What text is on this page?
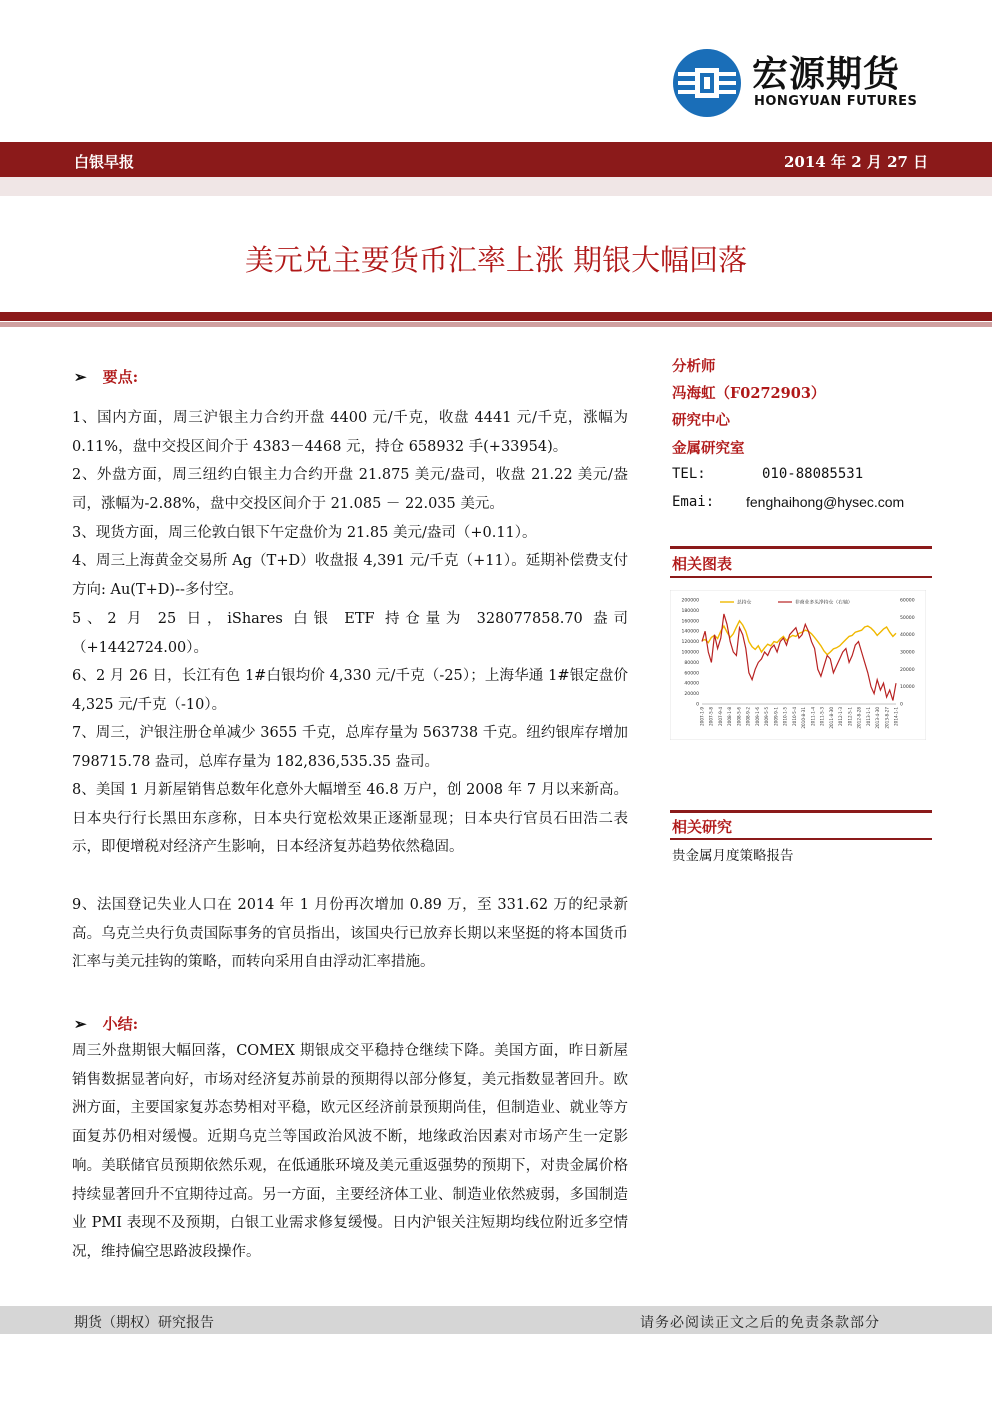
宏源期货
HONGYUAN FUTURES
白银早报	2014 年 2 月 27 日
美元兑主要货币汇率上涨 期银大幅回落
➢ 要点:
1、国内方面，周三沪银主力合约开盘 4400 元/千克，收盘 4441 元/千克，涨幅为 0.11%，盘中交投区间介于 4383－4468 元，持仓 658932 手(+33954)。
2、外盘方面，周三纽约白银主力合约开盘 21.875 美元/盎司，收盘 21.22 美元/盎司，涨幅为-2.88%，盘中交投区间介于 21.085 － 22.035 美元。
3、现货方面，周三伦敦白银下午定盘价为 21.85 美元/盎司（+0.11）。
4、周三上海黄金交易所 Ag（T+D）收盘报 4,391 元/千克（+11）。延期补偿费支付方向: Au(T+D)--多付空。
5、2 月 25 日，iShares 白银 ETF 持仓量为 328077858.70 盎司（+1442724.00）。
6、2 月 26 日，长江有色 1#白银均价 4,330 元/千克（-25）；上海华通 1#银定盘价 4,325 元/千克（-10）。
7、周三，沪银注册仓单减少 3655 千克，总库存量为 563738 千克。纽约银库存增加 798715.78 盎司，总库存量为 182,836,535.35 盎司。
8、美国 1 月新屋销售总数年化意外大幅增至 46.8 万户，创 2008 年 7 月以来新高。日本央行行长黑田东彦称，日本央行宽松效果正逐渐显现；日本央行官员石田浩二表示，即便增税对经济产生影响，日本经济复苏趋势依然稳固。
9、法国登记失业人口在 2014 年 1 月份再次增加 0.89 万，至 331.62 万的纪录新高。乌克兰央行负责国际事务的官员指出，该国央行已放弃长期以来坚挺的将本国货币汇率与美元挂钩的策略，而转向采用自由浮动汇率措施。
➢ 小结:
周三外盘期银大幅回落，COMEX 期银成交平稳持仓继续下降。美国方面，昨日新屋销售数据显著向好，市场对经济复苏前景的预期得以部分修复，美元指数显著回升。欧洲方面，主要国家复苏态势相对平稳，欧元区经济前景预期尚佳，但制造业、就业等方面复苏仍相对缓慢。近期乌克兰等国政治风波不断，地缘政治因素对市场产生一定影响。美联储官员预期依然乐观，在低通胀环境及美元重返强势的预期下，对贵金属价格持续显著回升不宜期待过高。另一方面，主要经济体工业、制造业依然疲弱，多国制造业 PMI 表现不及预期，白银工业需求修复缓慢。日内沪银关注短期均线位附近多空情况，维持偏空思路波段操作。
分析师
冯海虹（F0272903）
研究中心
金属研究室
TEL:	010-88085531
Emai: fenghaihong@hysec.com
相关图表
200000
180000
160000
140000
120000
100000
80000
60000
40000
20000
0
60000
50000
40000
30000
20000
10000
0
2007-1-9 2007-5-8 2007-9-4 2008-1-8 2008-5-6 2008-9-2 2009-1-6 2009-5-5 2009-9-1 2010-1-5 2010-5-4 2010-8-31 2011-1-4 2011-5-3 2011-8-30 2012-1-3 2012-5-1 2012-8-28 2013-1-1 2013-4-30 2013-8-27 2014-1-1
总持仓	非商业多头净持仓（右轴）
相关研究
贵金属月度策略报告
期货（期权）研究报告	请务必阅读正文之后的免责条款部分
